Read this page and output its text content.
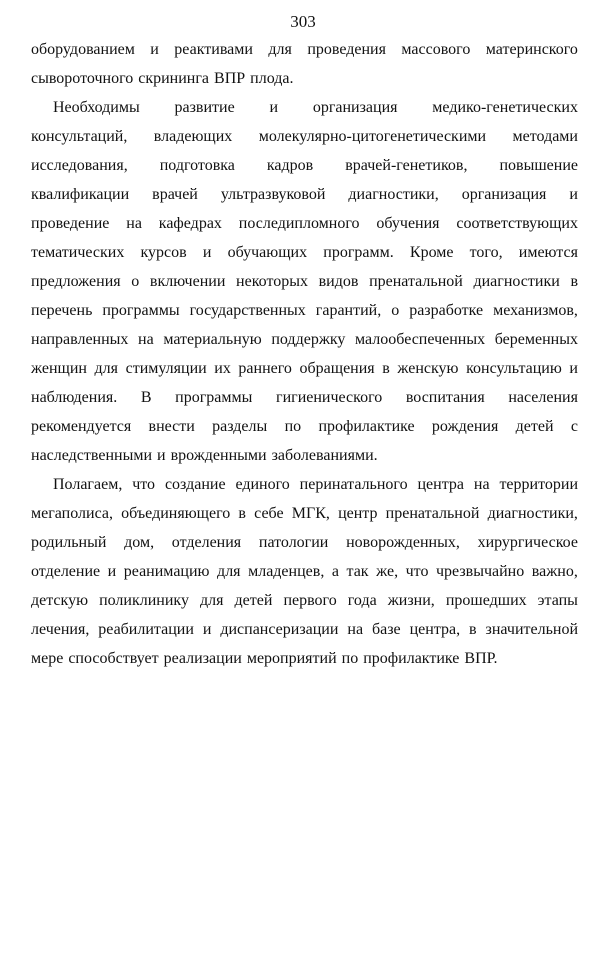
303
оборудованием и реактивами для проведения массового материнского
сывороточного скрининга ВПР плода.
Необходимы развитие и организация медико-генетических
консультаций, владеющих молекулярно-цитогенетическими методами
исследования, подготовка кадров врачей-генетиков, повышение
квалификации врачей ультразвуковой диагностики, организация и
проведение на кафедрах последипломного обучения соответствующих
тематических курсов и обучающих программ. Кроме того, имеются
предложения о включении некоторых видов пренатальной диагностики в
перечень программы государственных гарантий, о разработке механизмов,
направленных на материальную поддержку малообеспеченных беременных
женщин для стимуляции их раннего обращения в женскую консультацию и
наблюдения. В программы гигиенического воспитания населения
рекомендуется внести разделы по профилактике рождения детей с
наследственными и врожденными заболеваниями.
Полагаем, что создание единого перинатального центра на территории
мегаполиса, объединяющего в себе МГК, центр пренатальной диагностики,
родильный дом, отделения патологии новорожденных, хирургическое
отделение и реанимацию для младенцев, а так же, что чрезвычайно важно,
детскую поликлинику для детей первого года жизни, прошедших этапы
лечения, реабилитации и диспансеризации на базе центра, в значительной
мере способствует реализации мероприятий по профилактике ВПР.
